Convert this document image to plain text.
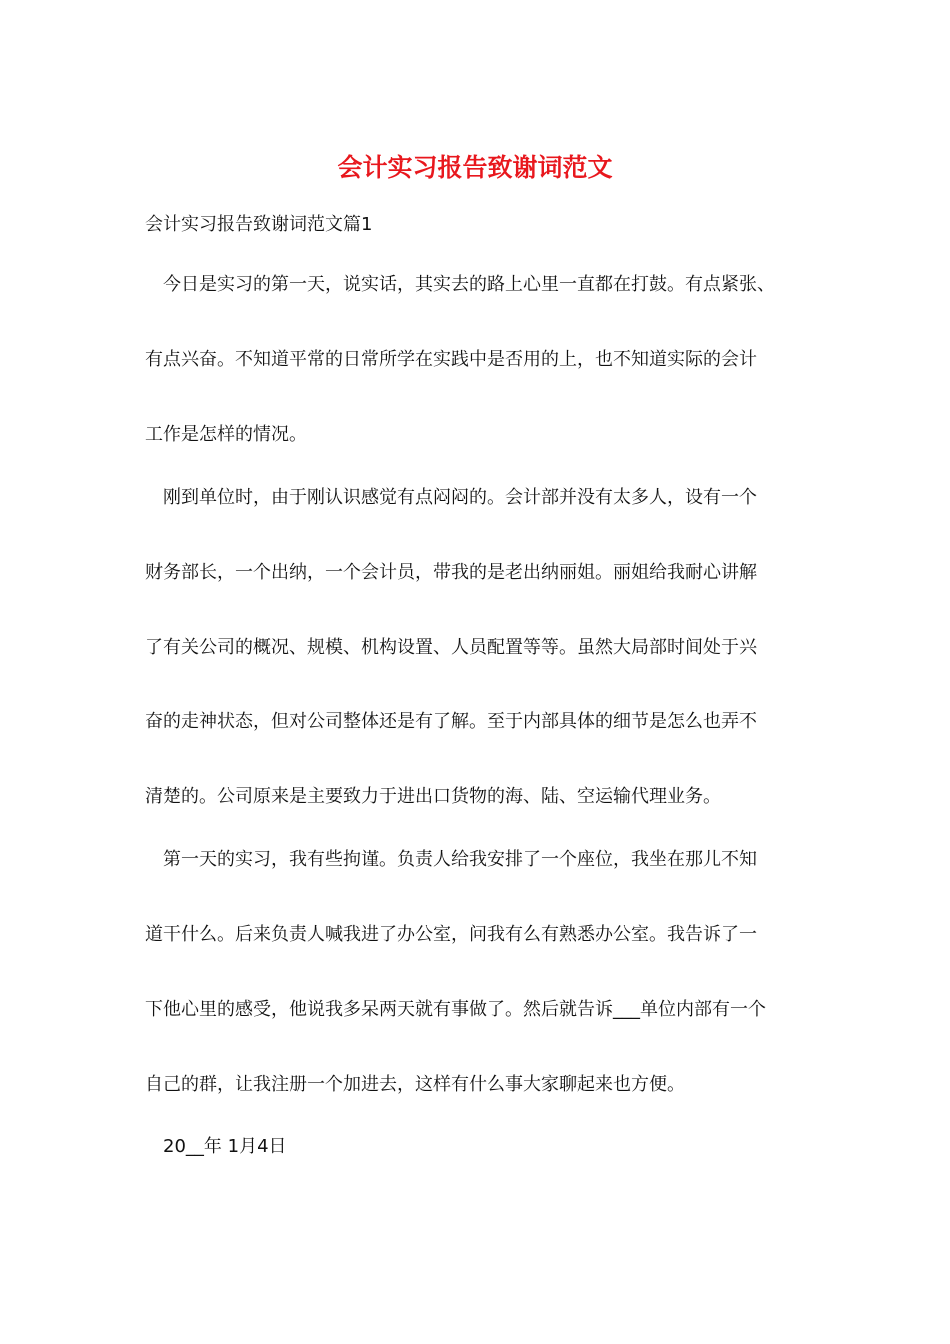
会计实习报告致谢词范文
会计实习报告致谢词范文篇1
今日是实习的第一天，说实话，其实去的路上心里一直都在打鼓。有点紧张、
有点兴奋。不知道平常的日常所学在实践中是否用的上，也不知道实际的会计
工作是怎样的情况。
刚到单位时，由于刚认识感觉有点闷闷的。会计部并没有太多人，设有一个
财务部长，一个出纳，一个会计员，带我的是老出纳丽姐。丽姐给我耐心讲解
了有关公司的概况、规模、机构设置、人员配置等等。虽然大局部时间处于兴
奋的走神状态，但对公司整体还是有了解。至于内部具体的细节是怎么也弄不
清楚的。公司原来是主要致力于进出口货物的海、陆、空运输代理业务。
第一天的实习，我有些拘谨。负责人给我安排了一个座位，我坐在那儿不知
道干什么。后来负责人喊我进了办公室，问我有么有熟悉办公室。我告诉了一
下他心里的感受，他说我多呆两天就有事做了。然后就告诉___单位内部有一个
自己的群，让我注册一个加进去，这样有什么事大家聊起来也方便。
20__年 1月4日
